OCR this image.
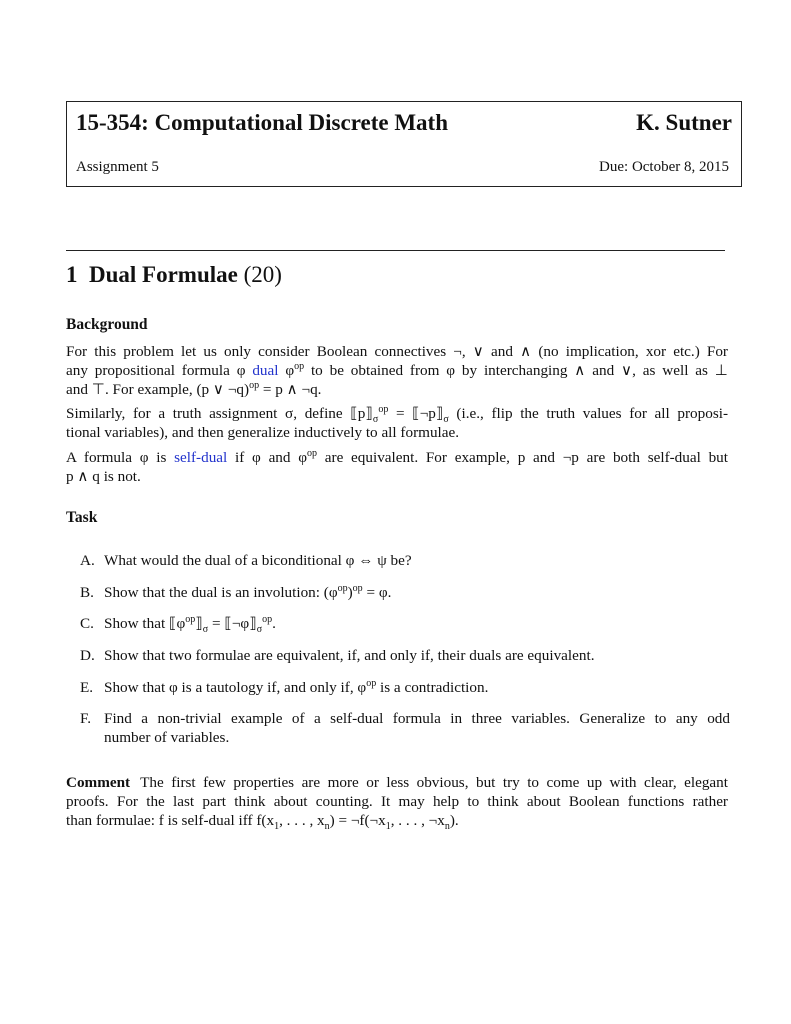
15-354: Computational Discrete Math	K. Sutner
Assignment 5	Due: October 8, 2015
1 Dual Formulae (20)
Background
For this problem let us only consider Boolean connectives ¬, ∨ and ∧ (no implication, xor etc.) For
any propositional formula φ dual $\varphi^{op}$ to be obtained from φ by interchanging ∧ and ∨, as well as ⊥
and ⊤. For example, (p ∨ ¬q)$^{op}$ = p ∧ ¬q.
Similarly, for a truth assignment σ, define $⟦p⟧_\sigma^{op}$ = $⟦\neg p⟧_\sigma$ (i.e., flip the truth values for all proposi-
tional variables), and then generalize inductively to all formulae.
A formula φ is self-dual if φ and $\varphi^{op}$ are equivalent. For example, p and ¬p are both self-dual but
p ∧ q is not.
Task
A. What would the dual of a biconditional φ ⇔ ψ be?
B. Show that the dual is an involution: $(\varphi^{op})^{op} = \varphi$.
C. Show that $⟦\varphi^{op}⟧_\sigma$ = $⟦\neg\varphi⟧_\sigma^{op}$.
D. Show that two formulae are equivalent, if, and only if, their duals are equivalent.
E. Show that φ is a tautology if, and only if, $\varphi^{op}$ is a contradiction.
F. Find a non-trivial example of a self-dual formula in three variables. Generalize to any odd
number of variables.
Comment The first few properties are more or less obvious, but try to come up with clear, elegant
proofs. For the last part think about counting. It may help to think about Boolean functions rather
than formulae: f is self-dual iff $f(x_1$, . . . , $x_n$) = $\neg f(\neg x_1$, . . . , $\neg x_n$).
